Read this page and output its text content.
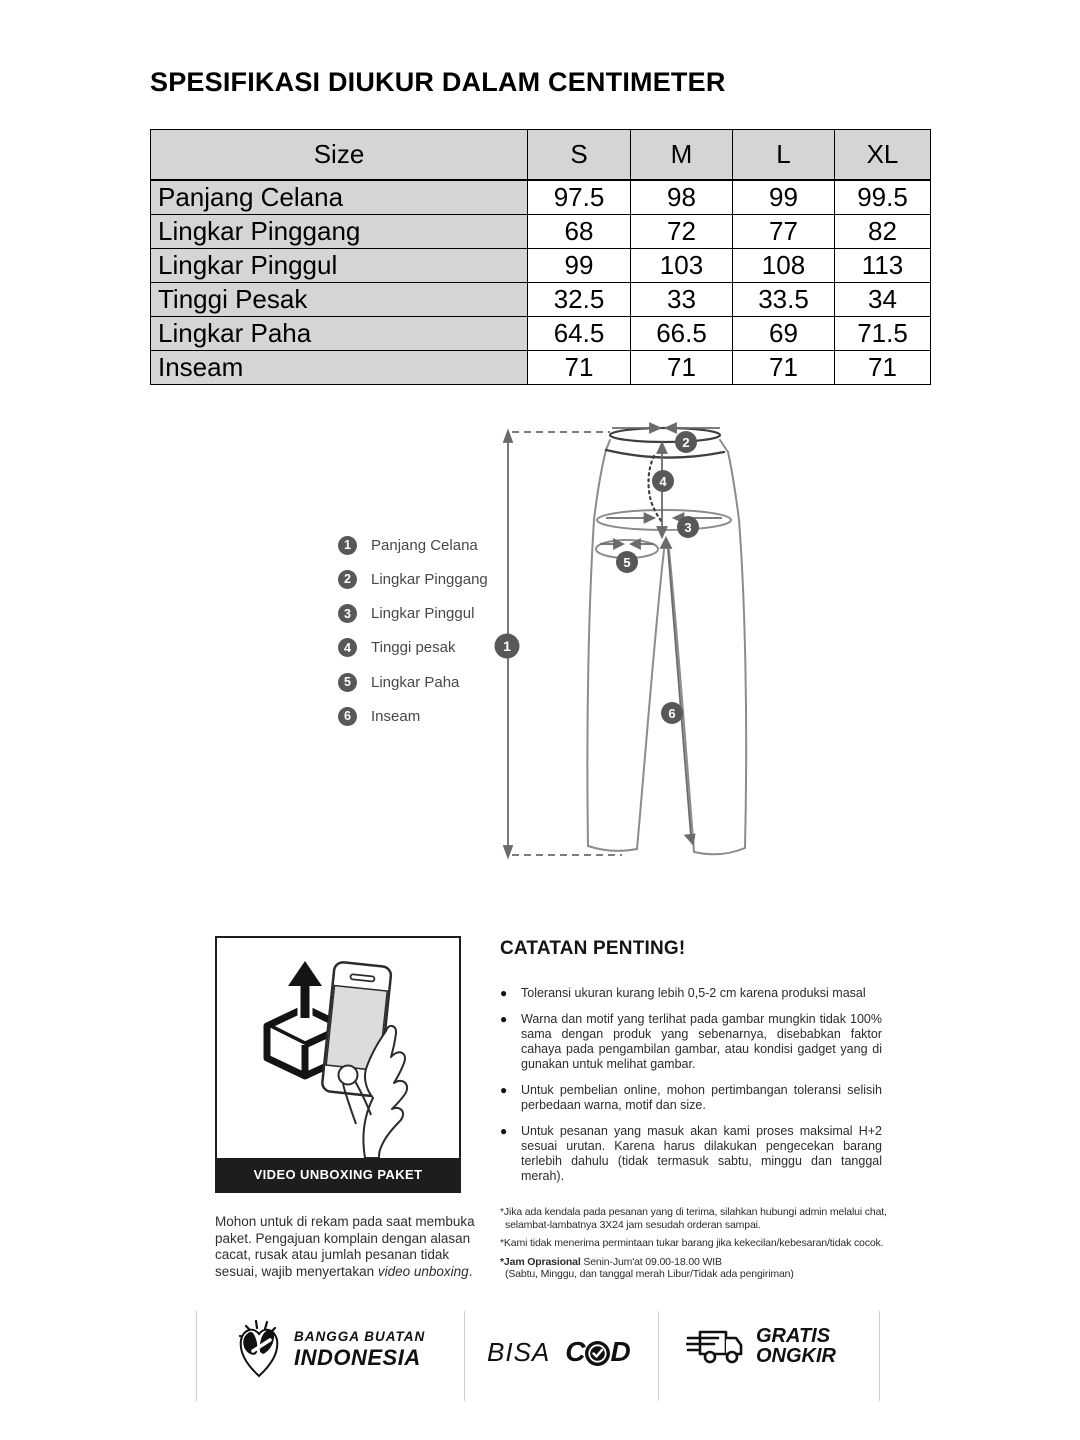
SPESIFIKASI DIUKUR DALAM CENTIMETER
Size	S	M	L	XL
Panjang Celana	97.5	98	99	99.5
Lingkar Pinggang	68	72	77	82
Lingkar Pinggul	99	103	108	113
Tinggi Pesak	32.5	33	33.5	34
Lingkar Paha	64.5	66.5	69	71.5
Inseam	71	71	71	71
1	Panjang Celana
2	Lingkar Pinggang
3	Lingkar Pinggul
4	Tinggi pesak
5	Lingkar Paha
6	Inseam
1
2
3
4
5
6
VIDEO UNBOXING PAKET
Mohon untuk di rekam pada saat membuka paket. Pengajuan komplain dengan alasan cacat, rusak atau jumlah pesanan tidak sesuai, wajib menyertakan video unboxing.
CATATAN PENTING!
●	Toleransi ukuran kurang lebih 0,5-2 cm karena produksi masal
●	Warna dan motif yang terlihat pada gambar mungkin tidak 100% sama dengan produk yang sebenarnya, disebabkan faktor cahaya pada pengambilan gambar, atau kondisi gadget yang di gunakan untuk melihat gambar.
●	Untuk pembelian online, mohon pertimbangan toleransi selisih perbedaan warna, motif dan size.
●	Untuk pesanan yang masuk akan kami proses maksimal H+2 sesuai urutan. Karena harus dilakukan pengecekan barang terlebih dahulu (tidak termasuk sabtu, minggu dan tanggal merah).
*Jika ada kendala pada pesanan yang di terima, silahkan hubungi admin melalui chat,
selambat-lambatnya 3X24 jam sesudah orderan sampai.
*Kami tidak menerima permintaan tukar barang jika kekecilan/kebesaran/tidak cocok.
*Jam Oprasional Senin-Jum'at 09.00-18.00 WIB
(Sabtu, Minggu, dan tanggal merah Libur/Tidak ada pengiriman)
BANGGA BUATAN
INDONESIA	BISA C D	GRATIS
ONGKIR
